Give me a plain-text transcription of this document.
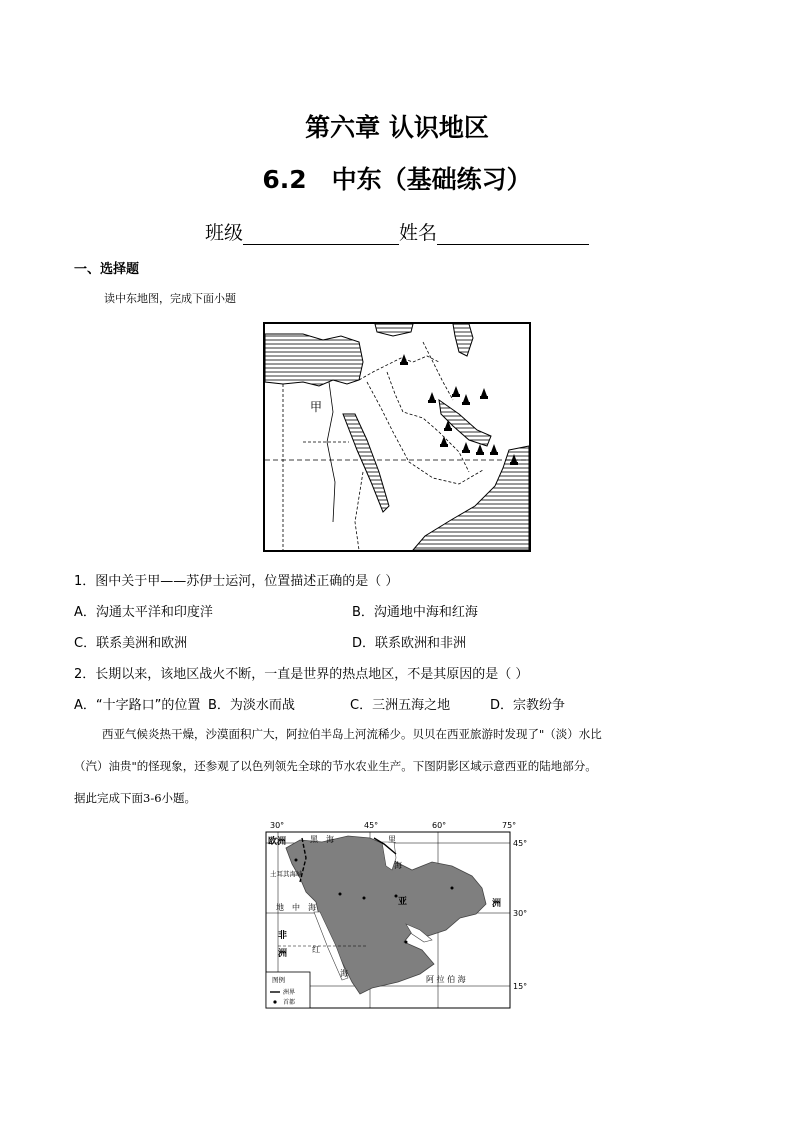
第六章 认识地区
6.2　中东（基础练习）
班级	姓名
一、选择题
读中东地图，完成下面小题
甲
1．图中关于甲——苏伊士运河，位置描述正确的是（ ）
A．沟通太平洋和印度洋	B．沟通地中海和红海
C．联系美洲和欧洲	D．联系欧洲和非洲
2．长期以来，该地区战火不断，一直是世界的热点地区，不是其原因的是（ ）
A．“十字路口”的位置 B．为淡水而战	C．三洲五海之地	D．宗教纷争
西亚气候炎热干燥，沙漠面积广大，阿拉伯半岛上河流稀少。贝贝在西亚旅游时发现了"（淡）水比
（汽）油贵"的怪现象，还参观了以色列领先全球的节水农业生产。下图阴影区域示意西亚的陆地部分。
据此完成下面3-6小题。
30°	45°	60°	75°
45°
30°
15°
欧洲	黑　海	里
海
土耳其海峡
亚	洲
非
洲
地 中 海
红
海
阿 拉 伯 海
图例
洲界
首都
